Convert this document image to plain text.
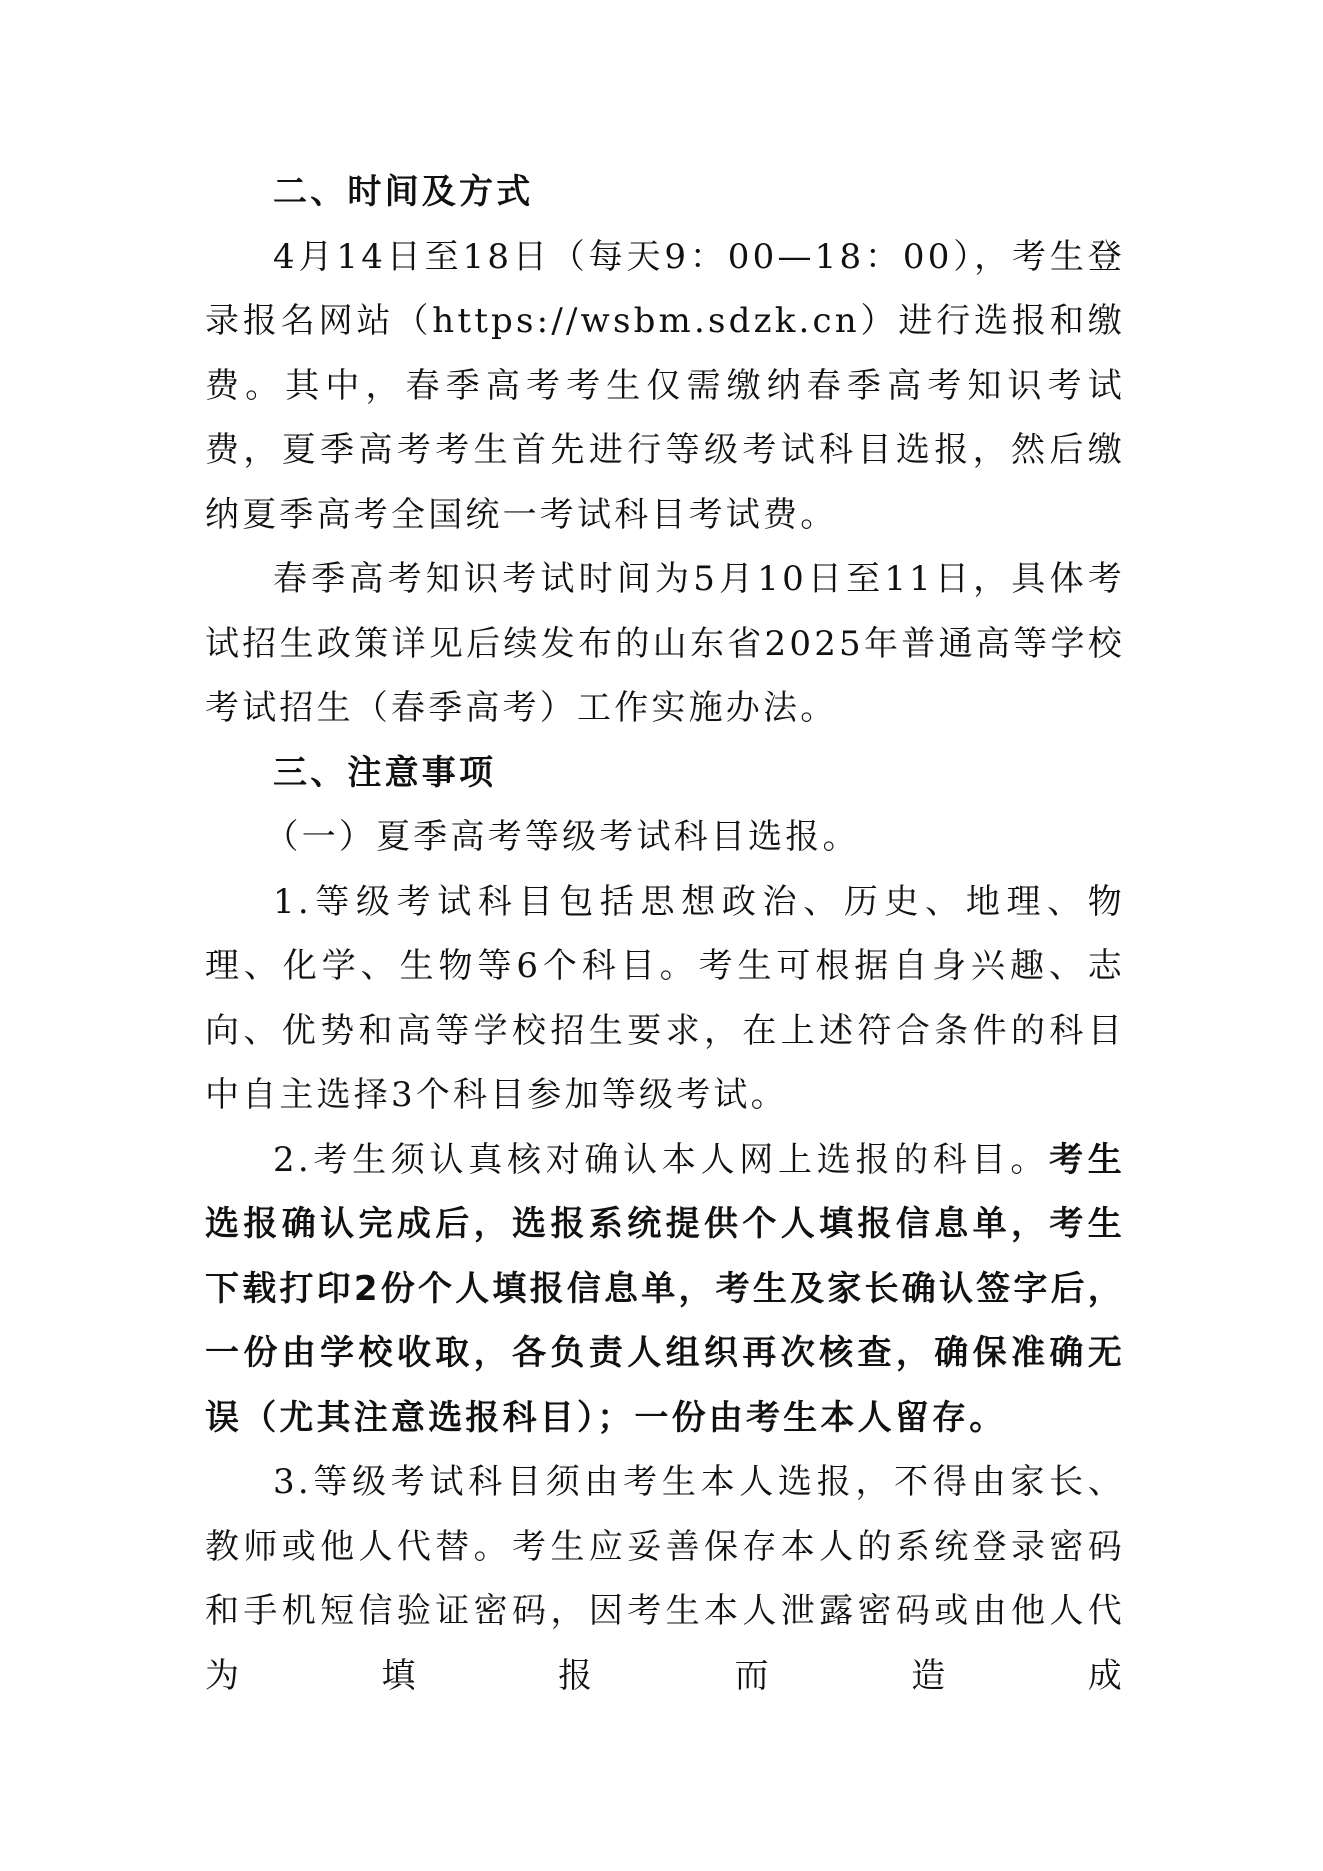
二、时间及方式

4月14日至18日（每天9：00—18：00），考生登录报名网站（https://wsbm.sdzk.cn）进行选报和缴费。其中，春季高考考生仅需缴纳春季高考知识考试费，夏季高考考生首先进行等级考试科目选报，然后缴纳夏季高考全国统一考试科目考试费。

春季高考知识考试时间为5月10日至11日，具体考试招生政策详见后续发布的山东省2025年普通高等学校考试招生（春季高考）工作实施办法。

三、注意事项

（一）夏季高考等级考试科目选报。

1.等级考试科目包括思想政治、历史、地理、物理、化学、生物等6个科目。考生可根据自身兴趣、志向、优势和高等学校招生要求，在上述符合条件的科目中自主选择3个科目参加等级考试。

2.考生须认真核对确认本人网上选报的科目。考生选报确认完成后，选报系统提供个人填报信息单，考生下载打印2份个人填报信息单，考生及家长确认签字后，一份由学校收取，各负责人组织再次核查，确保准确无误（尤其注意选报科目）；一份由考生本人留存。

3.等级考试科目须由考生本人选报，不得由家长、教师或他人代替。考生应妥善保存本人的系统登录密码和手机短信验证密码，因考生本人泄露密码或由他人代为填报而造成
